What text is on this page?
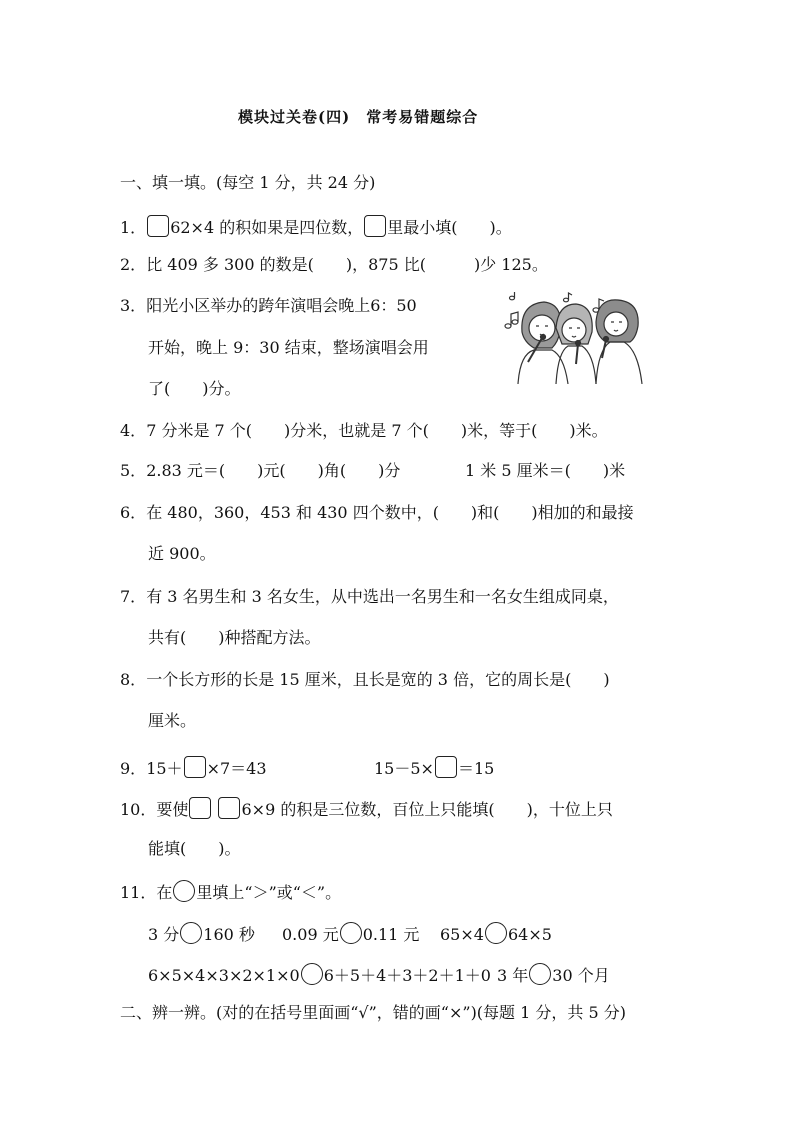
模块过关卷(四)　常考易错题综合
一、填一填。(每空 1 分，共 24 分)
1． 62×4 的积如果是四位数， 里最小填(　　)。
2．比 409 多 300 的数是(　　)，875 比(　　　)少 125。
3．阳光小区举办的跨年演唱会晚上6：50
开始，晚上 9：30 结束，整场演唱会用
了(　　)分。
4．7 分米是 7 个(　　)分米，也就是 7 个(　　)米，等于(　　)米。
5．2.83 元＝(　　)元(　　)角(　　)分	1 米 5 厘米＝(　　)米
6．在 480，360，453 和 430 四个数中，(　　)和(　　)相加的和最接
近 900。
7．有 3 名男生和 3 名女生，从中选出一名男生和一名女生组成同桌，
共有(　　)种搭配方法。
8．一个长方形的长是 15 厘米，且长是宽的 3 倍，它的周长是(　　)
厘米。
9．15＋ ×7＝43	15－5× ＝15
10．要使	6×9 的积是三位数，百位上只能填(　　)，十位上只
能填(　　)。
11．在 里填上“＞”或“＜”。
3 分 160 秒 0.09 元 0.11 元 65×4 64×5
6×5×4×3×2×1×0 6＋5＋4＋3＋2＋1＋0 3 年 30 个月
二、辨一辨。(对的在括号里面画“√”，错的画“×”)(每题 1 分，共 5 分)
